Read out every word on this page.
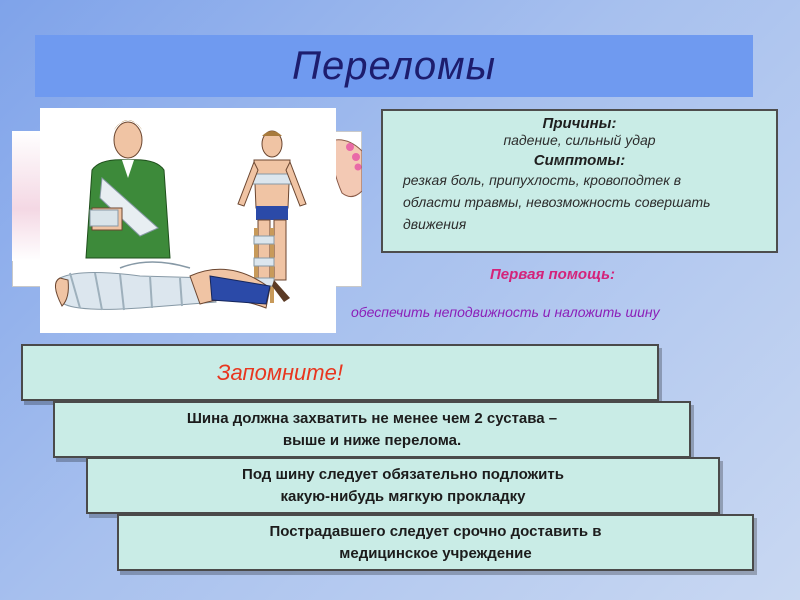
Переломы
Причины:
падение, сильный удар
Симптомы:
резкая боль, припухлость, кровоподтек в
области травмы, невозможность совершать
движения
Первая помощь:
обеспечить неподвижность и наложить шину
Запомните!
Шина должна захватить не менее чем 2 сустава –
выше и ниже перелома.
Под шину следует обязательно подложить
какую-нибудь мягкую прокладку
Пострадавшего следует срочно доставить в
медицинское учреждение
